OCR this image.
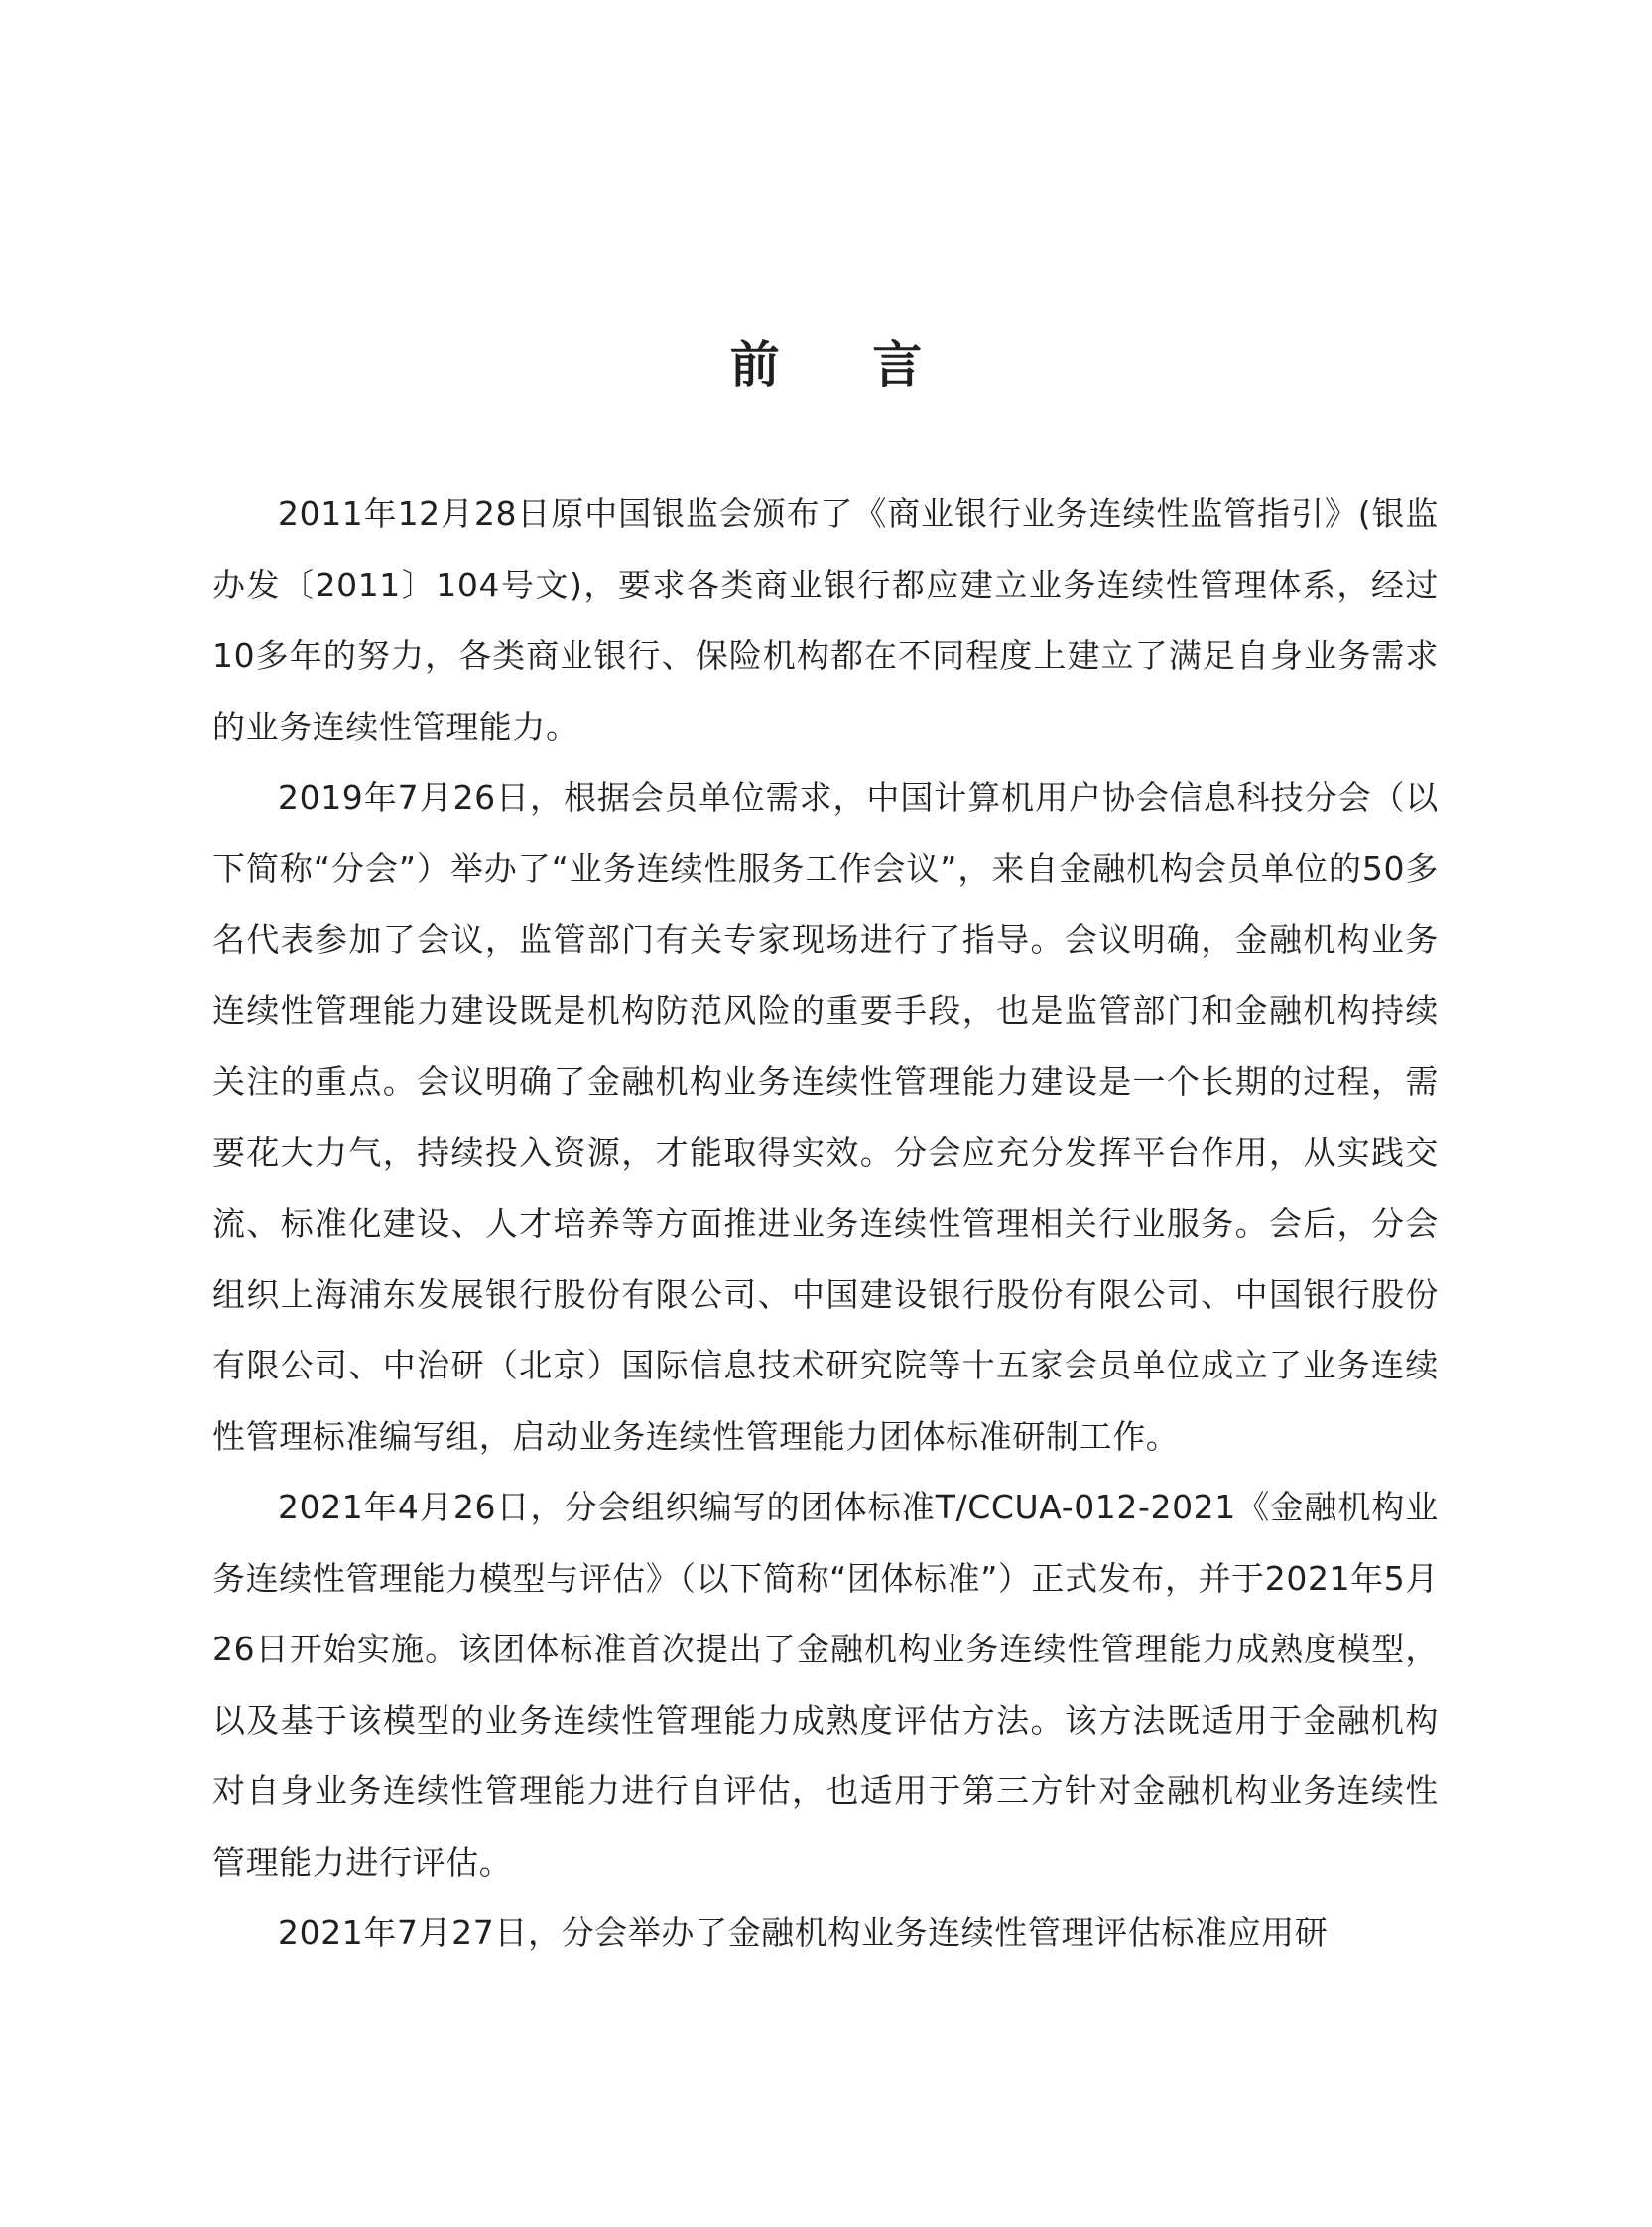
前 言

2011年12月28日原中国银监会颁布了《商业银行业务连续性监管指引》(银监办发〔2011〕104号文)，要求各类商业银行都应建立业务连续性管理体系，经过10多年的努力，各类商业银行、保险机构都在不同程度上建立了满足自身业务需求的业务连续性管理能力。

2019年7月26日，根据会员单位需求，中国计算机用户协会信息科技分会（以下简称“分会”）举办了“业务连续性服务工作会议”，来自金融机构会员单位的50多名代表参加了会议，监管部门有关专家现场进行了指导。会议明确，金融机构业务连续性管理能力建设既是机构防范风险的重要手段，也是监管部门和金融机构持续关注的重点。会议明确了金融机构业务连续性管理能力建设是一个长期的过程，需要花大力气，持续投入资源，才能取得实效。分会应充分发挥平台作用，从实践交流、标准化建设、人才培养等方面推进业务连续性管理相关行业服务。会后，分会组织上海浦东发展银行股份有限公司、中国建设银行股份有限公司、中国银行股份有限公司、中治研（北京）国际信息技术研究院等十五家会员单位成立了业务连续性管理标准编写组，启动业务连续性管理能力团体标准研制工作。

2021年4月26日，分会组织编写的团体标准T/CCUA-012-2021《金融机构业务连续性管理能力模型与评估》（以下简称“团体标准”）正式发布，并于2021年5月26日开始实施。该团体标准首次提出了金融机构业务连续性管理能力成熟度模型，以及基于该模型的业务连续性管理能力成熟度评估方法。该方法既适用于金融机构对自身业务连续性管理能力进行自评估，也适用于第三方针对金融机构业务连续性管理能力进行评估。

2021年7月27日，分会举办了金融机构业务连续性管理评估标准应用研
